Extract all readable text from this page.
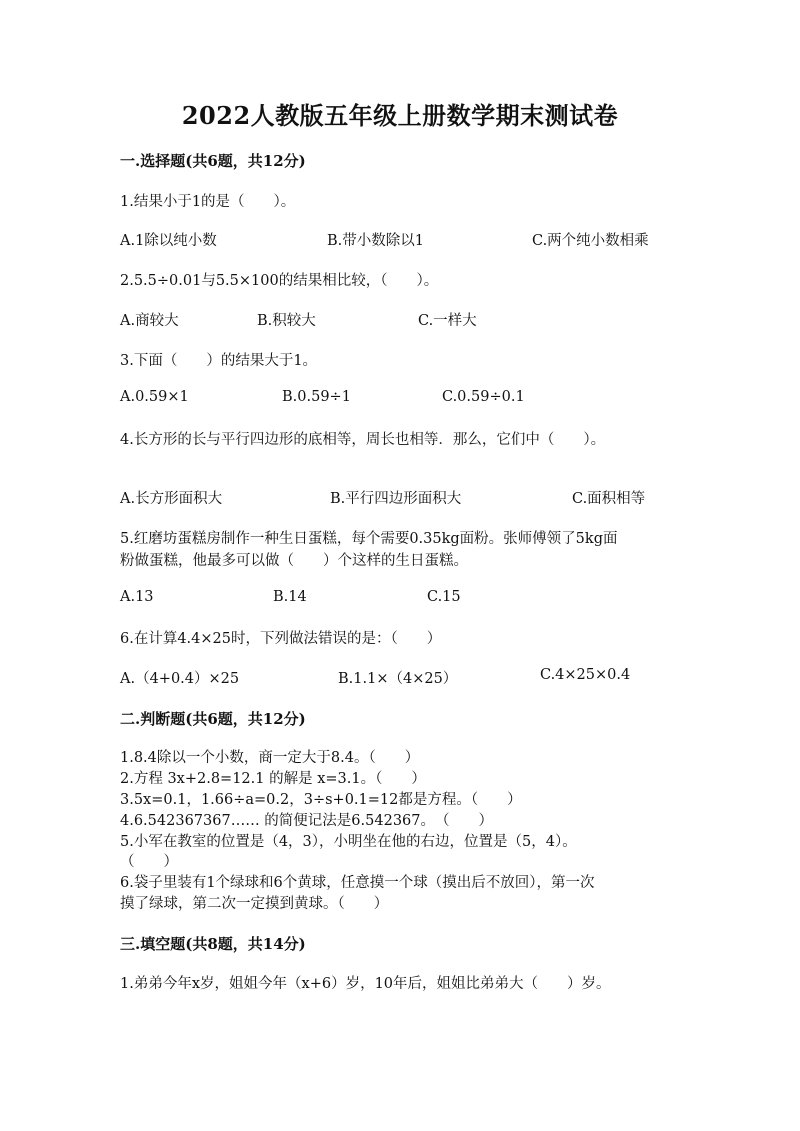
2022人教版五年级上册数学期末测试卷
一.选择题(共6题，共12分)
1.结果小于1的是（　　）。
A.1除以纯小数	B.带小数除以1	C.两个纯小数相乘
2.5.5÷0.01与5.5×100的结果相比较，（　　）。
A.商较大	B.积较大	C.一样大
3.下面（　　）的结果大于1。
A.0.59×1	B.0.59÷1	C.0.59÷0.1
4.长方形的长与平行四边形的底相等，周长也相等．那么，它们中（　　）。
A.长方形面积大	B.平行四边形面积大	C.面积相等
5.红磨坊蛋糕房制作一种生日蛋糕，每个需要0.35kg面粉。张师傅领了5kg面
粉做蛋糕，他最多可以做（　　）个这样的生日蛋糕。
A.13	B.14	C.15
6.在计算4.4×25时，下列做法错误的是：（　　）
A.（4+0.4）×25	B.1.1×（4×25）	C.4×25×0.4
二.判断题(共6题，共12分)
1.8.4除以一个小数，商一定大于8.4。（　　）
2.方程 3x+2.8=12.1 的解是 x=3.1。（　　）
3.5x=0.1，1.66÷a=0.2，3÷s+0.1=12都是方程。（　　）
4.6.542367367…… 的简便记法是6.542367。　（　　）
5.小军在教室的位置是（4，3），小明坐在他的右边，位置是（5，4）。
（　　）
6.袋子里装有1个绿球和6个黄球，任意摸一个球（摸出后不放回），第一次
摸了绿球，第二次一定摸到黄球。（　　）
三.填空题(共8题，共14分)
1.弟弟今年x岁，姐姐今年（x+6）岁，10年后，姐姐比弟弟大（　　）岁。
